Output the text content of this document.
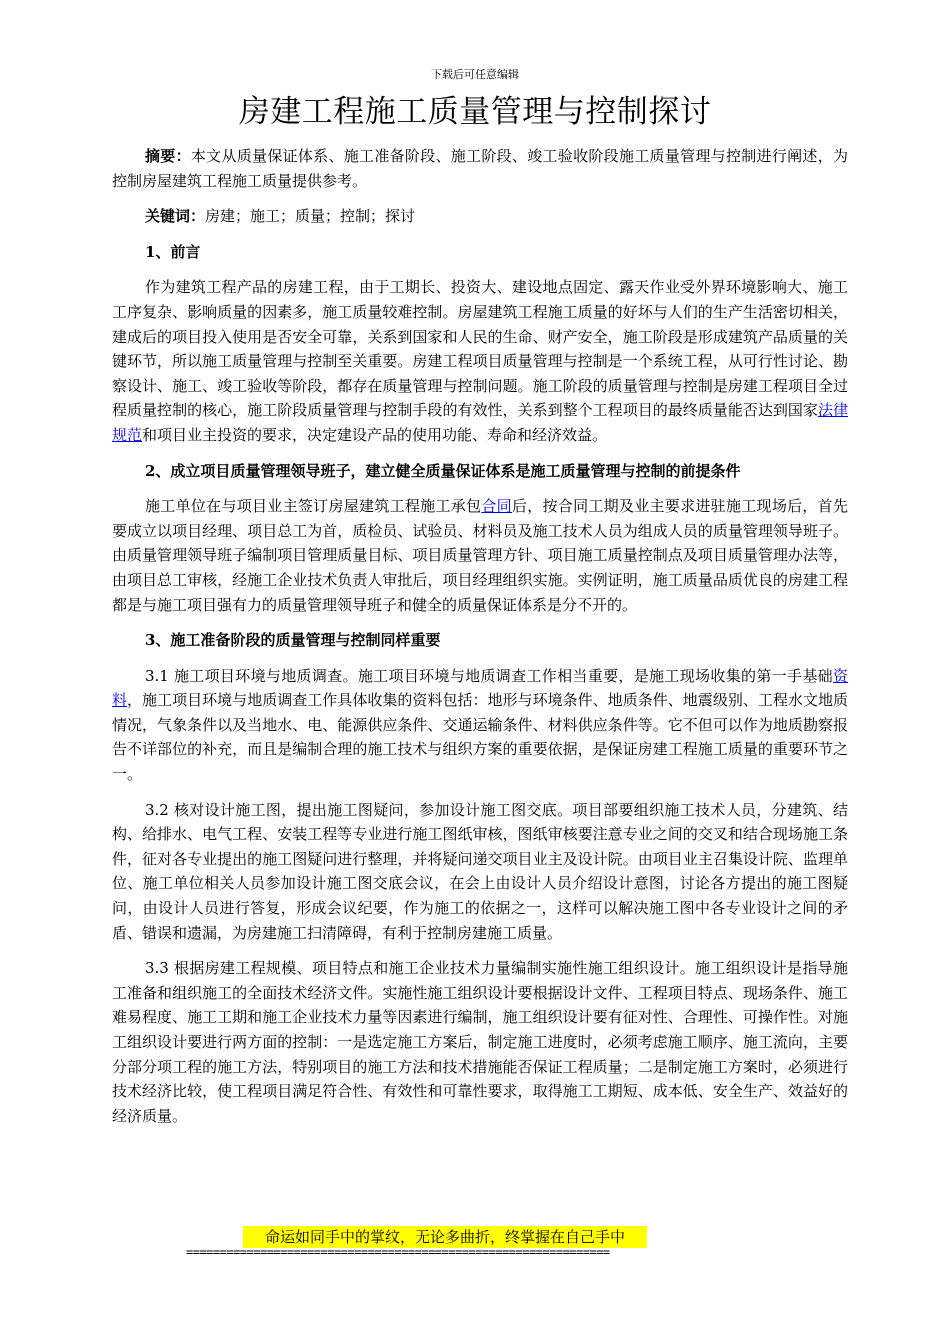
下载后可任意编辑
房建工程施工质量管理与控制探讨

摘要：本文从质量保证体系、施工准备阶段、施工阶段、竣工验收阶段施工质量管理与控制进行阐述，为控制房屋建筑工程施工质量提供参考。

关键词：房建；施工；质量；控制；探讨

1、前言

作为建筑工程产品的房建工程，由于工期长、投资大、建设地点固定、露天作业受外界环境影响大、施工工序复杂、影响质量的因素多，施工质量较难控制。房屋建筑工程施工质量的好坏与人们的生产生活密切相关，建成后的项目投入使用是否安全可靠，关系到国家和人民的生命、财产安全，施工阶段是形成建筑产品质量的关键环节，所以施工质量管理与控制至关重要。房建工程项目质量管理与控制是一个系统工程，从可行性讨论、勘察设计、施工、竣工验收等阶段，都存在质量管理与控制问题。施工阶段的质量管理与控制是房建工程项目全过程质量控制的核心，施工阶段质量管理与控制手段的有效性，关系到整个工程项目的最终质量能否达到国家法律规范和项目业主投资的要求，决定建设产品的使用功能、寿命和经济效益。

2、成立项目质量管理领导班子，建立健全质量保证体系是施工质量管理与控制的前提条件

施工单位在与项目业主签订房屋建筑工程施工承包合同后，按合同工期及业主要求进驻施工现场后，首先要成立以项目经理、项目总工为首，质检员、试验员、材料员及施工技术人员为组成人员的质量管理领导班子。由质量管理领导班子编制项目管理质量目标、项目质量管理方针、项目施工质量控制点及项目质量管理办法等，由项目总工审核，经施工企业技术负责人审批后，项目经理组织实施。实例证明，施工质量品质优良的房建工程都是与施工项目强有力的质量管理领导班子和健全的质量保证体系是分不开的。

3、施工准备阶段的质量管理与控制同样重要

3.1 施工项目环境与地质调查。施工项目环境与地质调查工作相当重要，是施工现场收集的第一手基础资料，施工项目环境与地质调查工作具体收集的资料包括：地形与环境条件、地质条件、地震级别、工程水文地质情况，气象条件以及当地水、电、能源供应条件、交通运输条件、材料供应条件等。它不但可以作为地质勘察报告不详部位的补充，而且是编制合理的施工技术与组织方案的重要依据，是保证房建工程施工质量的重要环节之一。

3.2 核对设计施工图，提出施工图疑问，参加设计施工图交底。项目部要组织施工技术人员，分建筑、结构、给排水、电气工程、安装工程等专业进行施工图纸审核，图纸审核要注意专业之间的交叉和结合现场施工条件，征对各专业提出的施工图疑问进行整理，并将疑问递交项目业主及设计院。由项目业主召集设计院、监理单位、施工单位相关人员参加设计施工图交底会议，在会上由设计人员介绍设计意图，讨论各方提出的施工图疑问，由设计人员进行答复，形成会议纪要，作为施工的依据之一，这样可以解决施工图中各专业设计之间的矛盾、错误和遗漏，为房建施工扫清障碍，有利于控制房建施工质量。

3.3 根据房建工程规模、项目特点和施工企业技术力量编制实施性施工组织设计。施工组织设计是指导施工准备和组织施工的全面技术经济文件。实施性施工组织设计要根据设计文件、工程项目特点、现场条件、施工难易程度、施工工期和施工企业技术力量等因素进行编制，施工组织设计要有征对性、合理性、可操作性。对施工组织设计要进行两方面的控制：一是选定施工方案后，制定施工进度时，必须考虑施工顺序、施工流向，主要分部分项工程的施工方法，特别项目的施工方法和技术措施能否保证工程质量；二是制定施工方案时，必须进行技术经济比较，使工程项目满足符合性、有效性和可靠性要求，取得施工工期短、成本低、安全生产、效益好的经济质量。

命运如同手中的掌纹，无论多曲折，终掌握在自己手中
===============================================================
